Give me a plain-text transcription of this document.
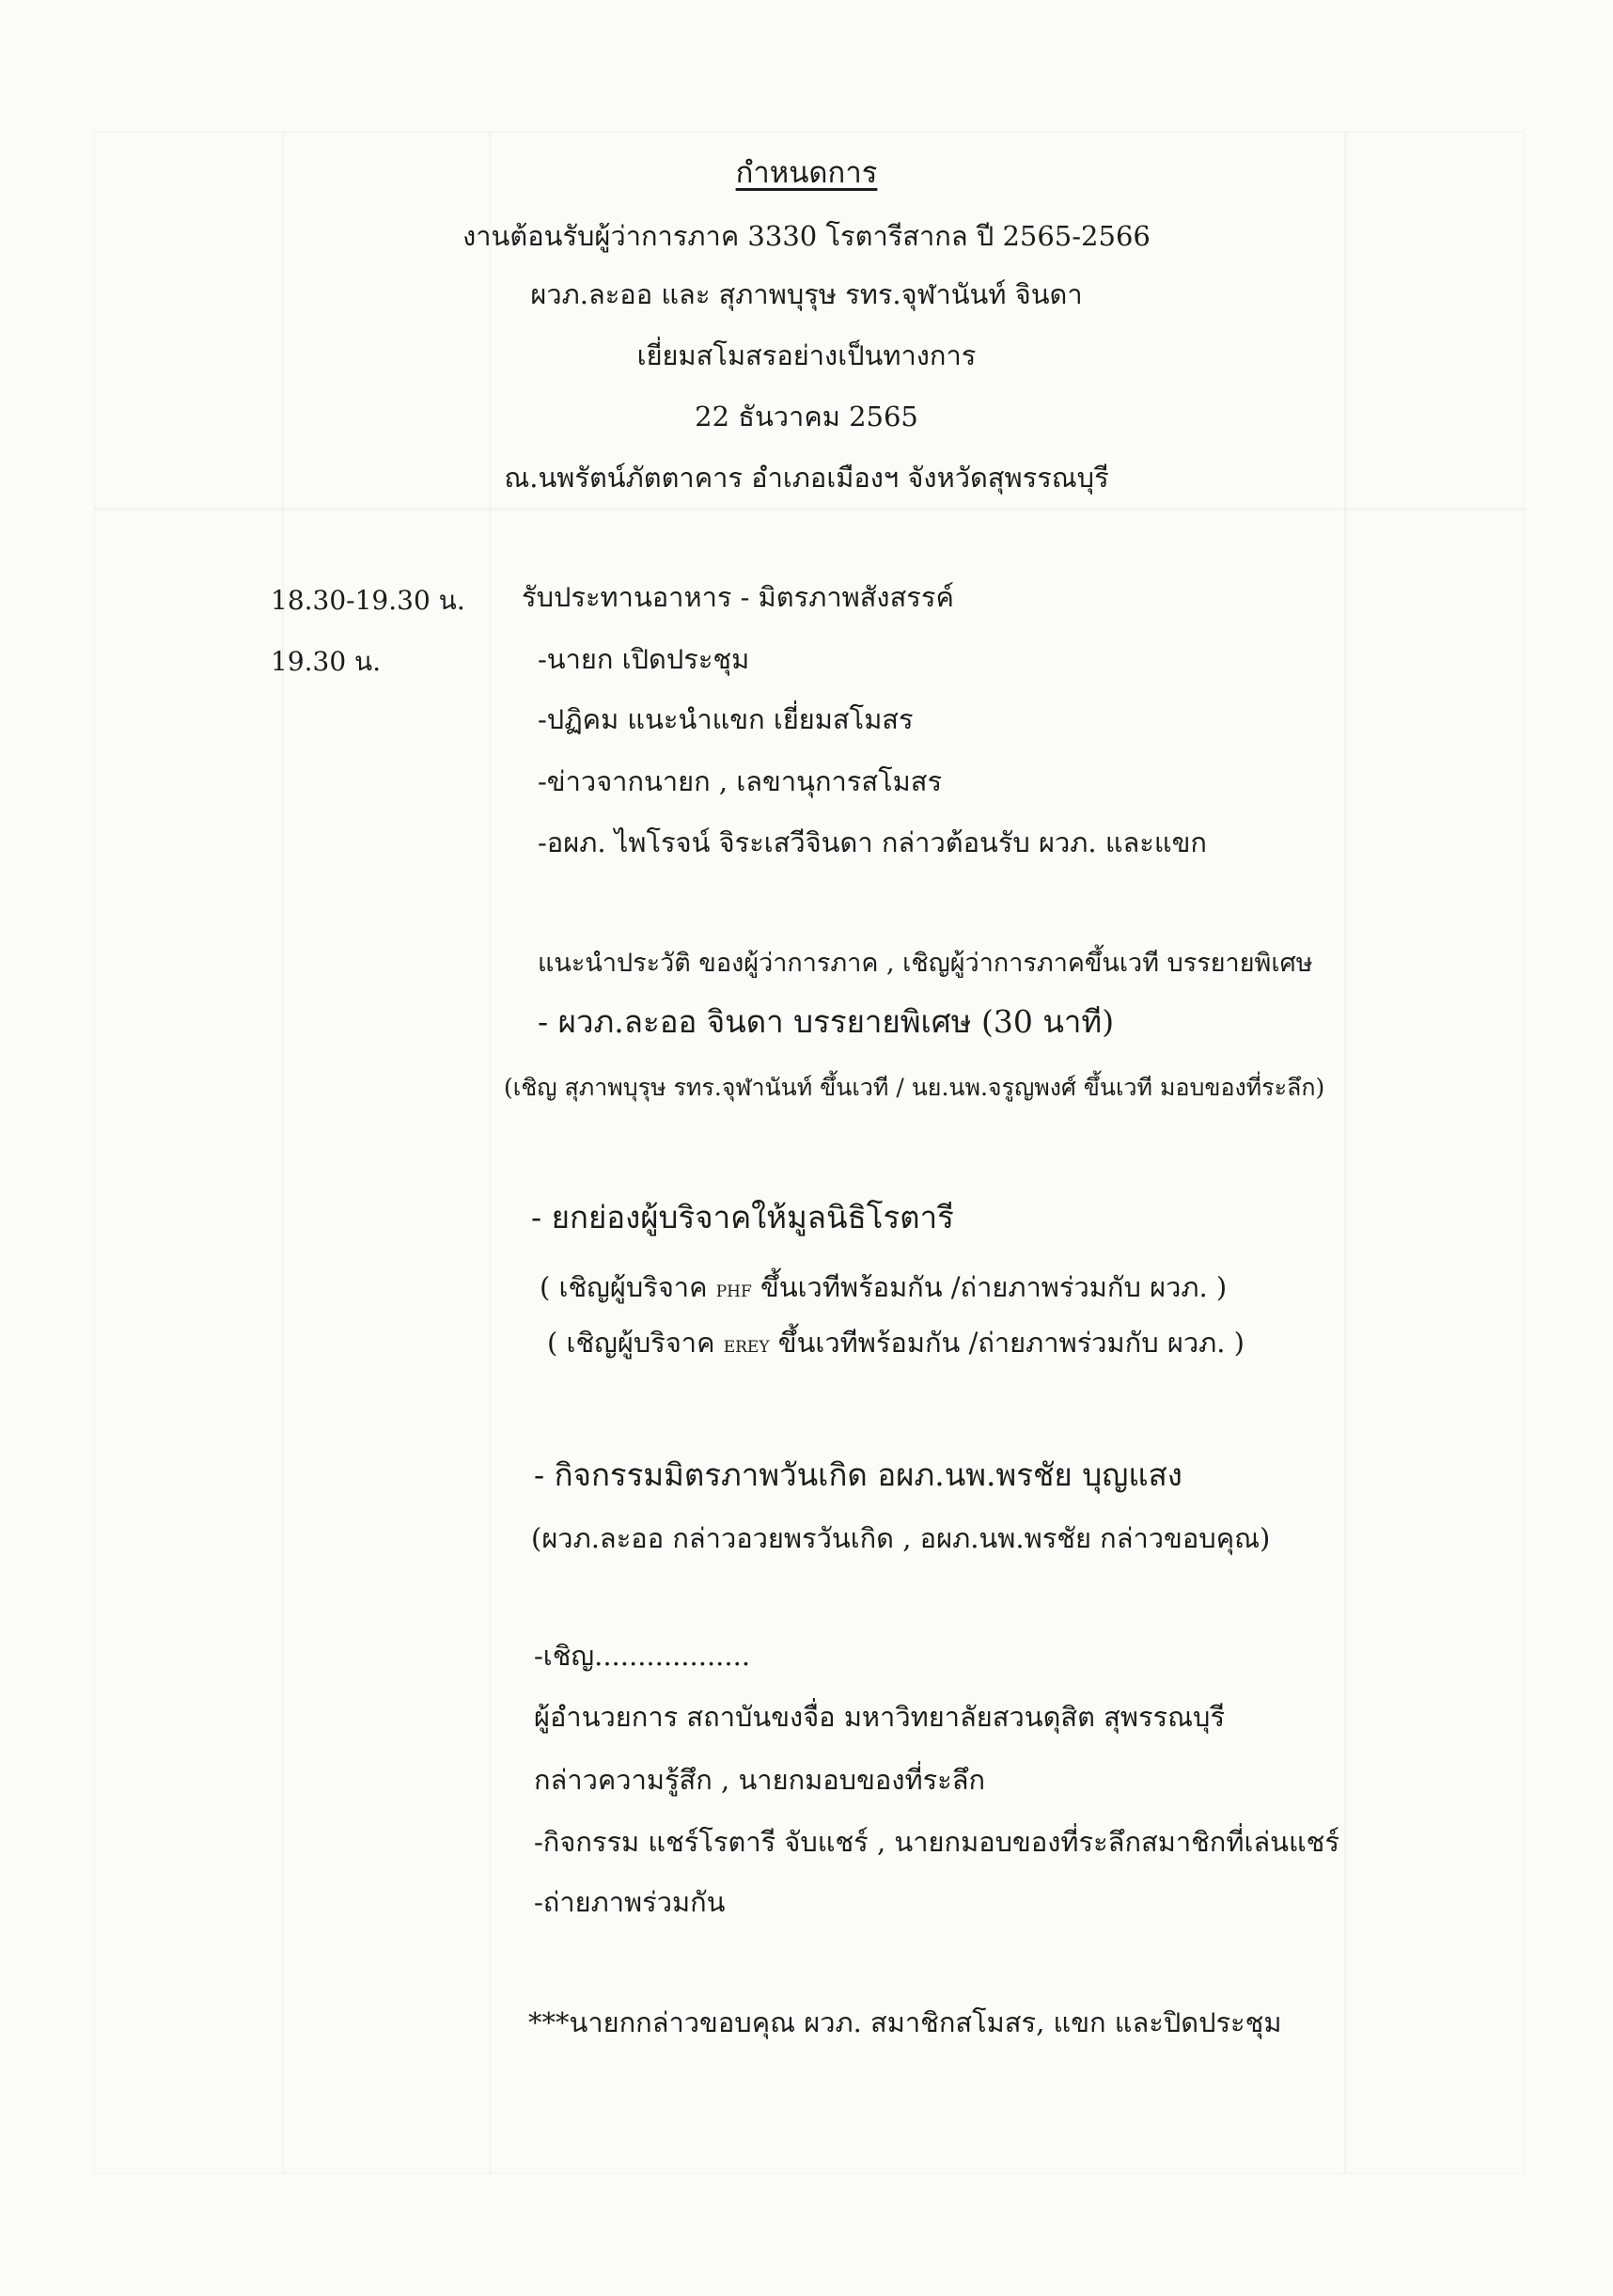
กำหนดการ
งานต้อนรับผู้ว่าการภาค 3330 โรตารีสากล ปี 2565-2566
ผวภ.ละออ และ สุภาพบุรุษ รทร.จุฬานันท์ จินดา
เยี่ยมสโมสรอย่างเป็นทางการ
22 ธันวาคม 2565
ณ.นพรัตน์ภัตตาคาร อำเภอเมืองฯ จังหวัดสุพรรณบุรี
18.30-19.30 น. รับประทานอาหาร - มิตรภาพสังสรรค์
19.30 น.	-นายก เปิดประชุม
-ปฏิคม แนะนำแขก เยี่ยมสโมสร
-ข่าวจากนายก , เลขานุการสโมสร
-อผภ. ไพโรจน์ จิระเสวีจินดา กล่าวต้อนรับ ผวภ. และแขก
แนะนำประวัติ ของผู้ว่าการภาค , เชิญผู้ว่าการภาคขึ้นเวที บรรยายพิเศษ
- ผวภ.ละออ จินดา บรรยายพิเศษ (30 นาที)
(เชิญ สุภาพบุรุษ รทร.จุฬานันท์ ขึ้นเวที / นย.นพ.จรูญพงศ์ ขึ้นเวที มอบของที่ระลึก)
- ยกย่องผู้บริจาคให้มูลนิธิโรตารี
( เชิญผู้บริจาค PHF ขึ้นเวทีพร้อมกัน /ถ่ายภาพร่วมกับ ผวภ. )
( เชิญผู้บริจาค EREY ขึ้นเวทีพร้อมกัน /ถ่ายภาพร่วมกับ ผวภ. )
- กิจกรรมมิตรภาพวันเกิด อผภ.นพ.พรชัย บุญแสง
(ผวภ.ละออ กล่าวอวยพรวันเกิด , อผภ.นพ.พรชัย กล่าวขอบคุณ)
-เชิญ..................
ผู้อำนวยการ สถาบันขงจื่อ มหาวิทยาลัยสวนดุสิต สุพรรณบุรี
กล่าวความรู้สึก , นายกมอบของที่ระลึก
-กิจกรรม แชร์โรตารี จับแชร์ , นายกมอบของที่ระลึกสมาชิกที่เล่นแชร์
-ถ่ายภาพร่วมกัน
***นายกกล่าวขอบคุณ ผวภ. สมาชิกสโมสร, แขก และปิดประชุม
